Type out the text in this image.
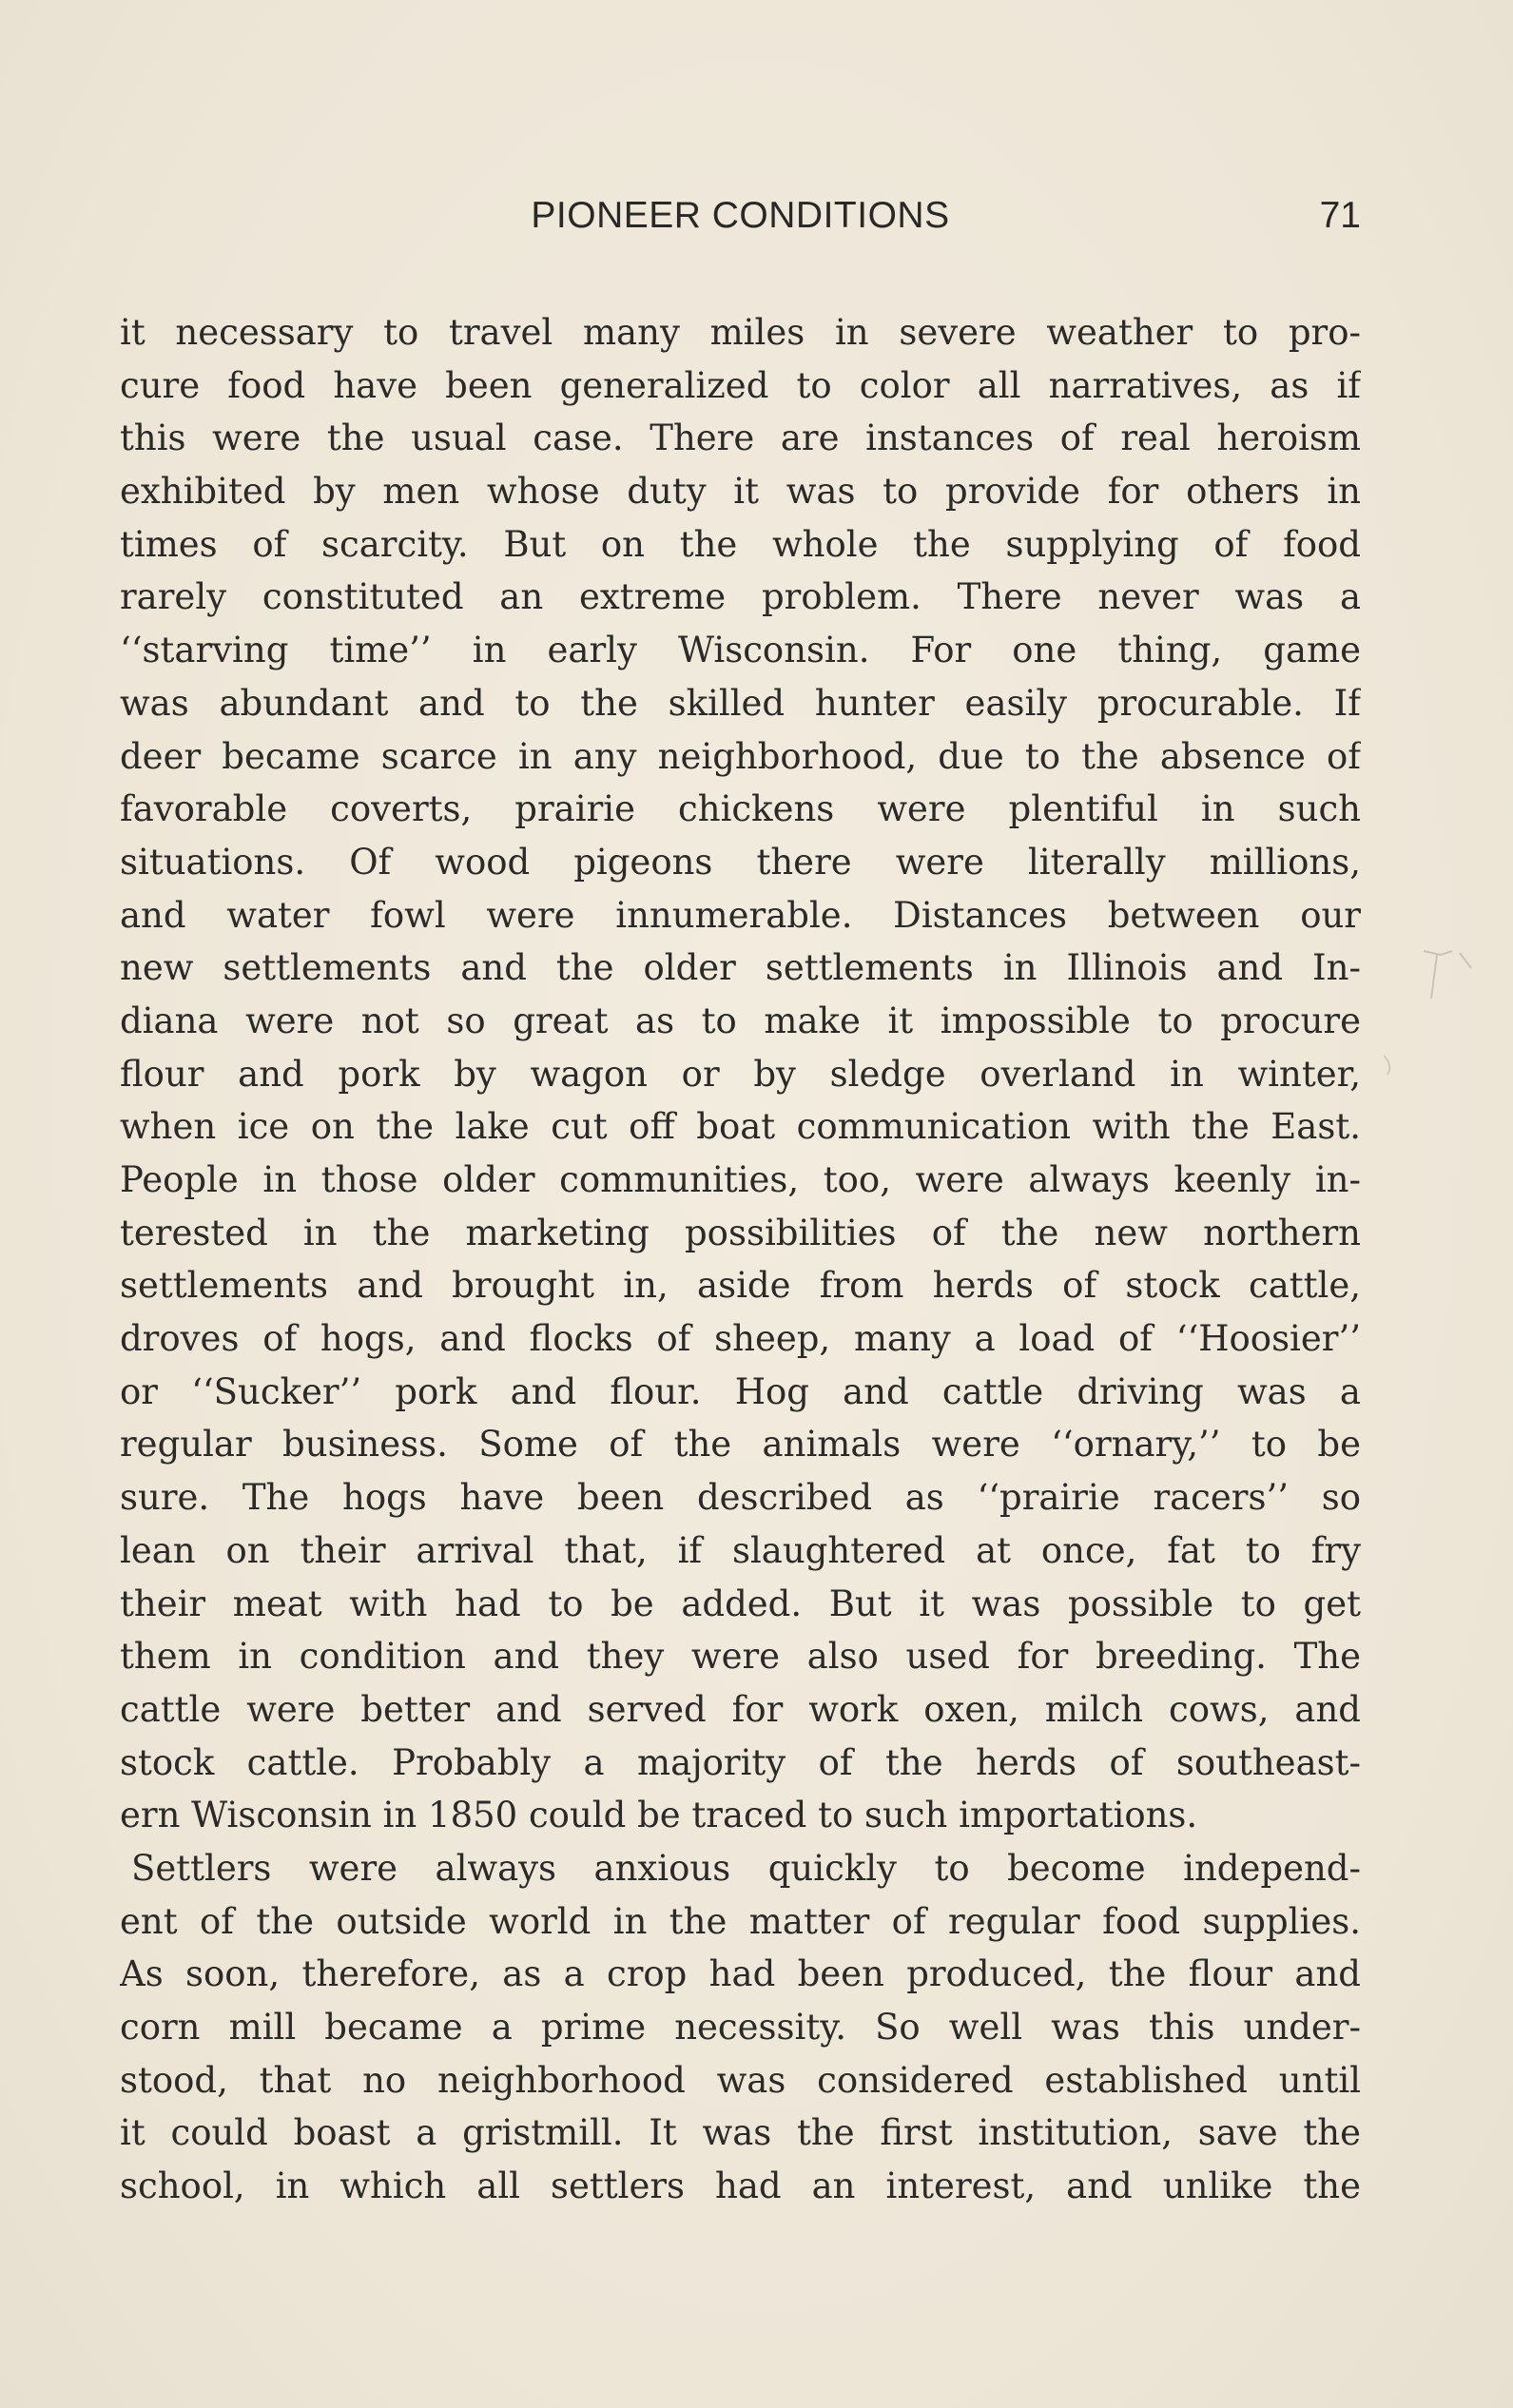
PIONEER CONDITIONS	71
it necessary to travel many miles in severe weather to pro-
cure food have been generalized to color all narratives, as if
this were the usual case. There are instances of real heroism
exhibited by men whose duty it was to provide for others in
times of scarcity. But on the whole the supplying of food
rarely constituted an extreme problem. There never was a
‘‘starving time’’ in early Wisconsin. For one thing, game
was abundant and to the skilled hunter easily procurable. If
deer became scarce in any neighborhood, due to the absence of
favorable coverts, prairie chickens were plentiful in such
situations. Of wood pigeons there were literally millions,
and water fowl were innumerable. Distances between our
new settlements and the older settlements in Illinois and In-
diana were not so great as to make it impossible to procure
flour and pork by wagon or by sledge overland in winter,
when ice on the lake cut off boat communication with the East.
People in those older communities, too, were always keenly in-
terested in the marketing possibilities of the new northern
settlements and brought in, aside from herds of stock cattle,
droves of hogs, and flocks of sheep, many a load of ‘‘Hoosier’’
or ‘‘Sucker’’ pork and flour. Hog and cattle driving was a
regular business. Some of the animals were ‘‘ornary,’’ to be
sure. The hogs have been described as ‘‘prairie racers’’ so
lean on their arrival that, if slaughtered at once, fat to fry
their meat with had to be added. But it was possible to get
them in condition and they were also used for breeding. The
cattle were better and served for work oxen, milch cows, and
stock cattle. Probably a majority of the herds of southeast-
ern Wisconsin in 1850 could be traced to such importations.
Settlers were always anxious quickly to become independ-
ent of the outside world in the matter of regular food supplies.
As soon, therefore, as a crop had been produced, the flour and
corn mill became a prime necessity. So well was this under-
stood, that no neighborhood was considered established until
it could boast a gristmill. It was the first institution, save the
school, in which all settlers had an interest, and unlike the
